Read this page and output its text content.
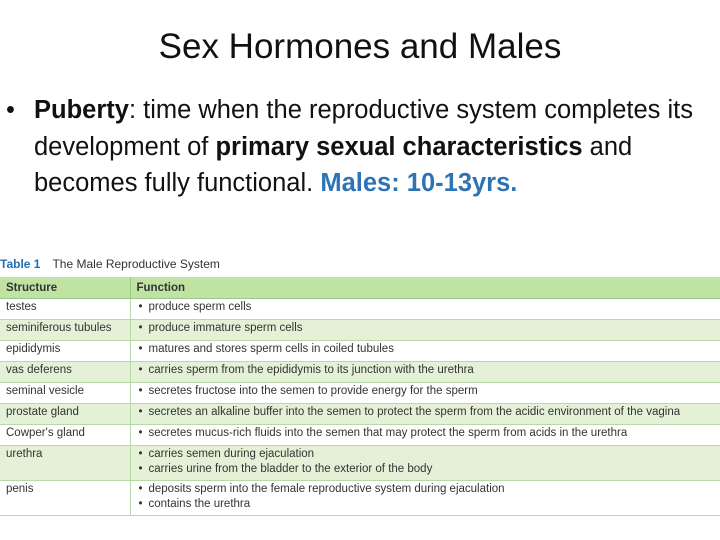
Sex Hormones and Males
• Puberty: time when the reproductive system completes its development of primary sexual characteristics and becomes fully functional. Males: 10-13yrs.
Table 1 The Male Reproductive System
Structure	Function
testes	• produce sperm cells

seminiferous tubules	• produce immature sperm cells

epididymis	• matures and stores sperm cells in coiled tubules

vas deferens	• carries sperm from the epididymis to its junction with the urethra

seminal vesicle	• secretes fructose into the semen to provide energy for the sperm

prostate gland	• secretes an alkaline buffer into the semen to protect the sperm from the acidic environment of the vagina

Cowper's gland	• secretes mucus-rich fluids into the semen that may protect the sperm from acids in the urethra

urethra	• carries semen during ejaculation
• carries urine from the bladder to the exterior of the body

penis	• deposits sperm into the female reproductive system during ejaculation
• contains the urethra
